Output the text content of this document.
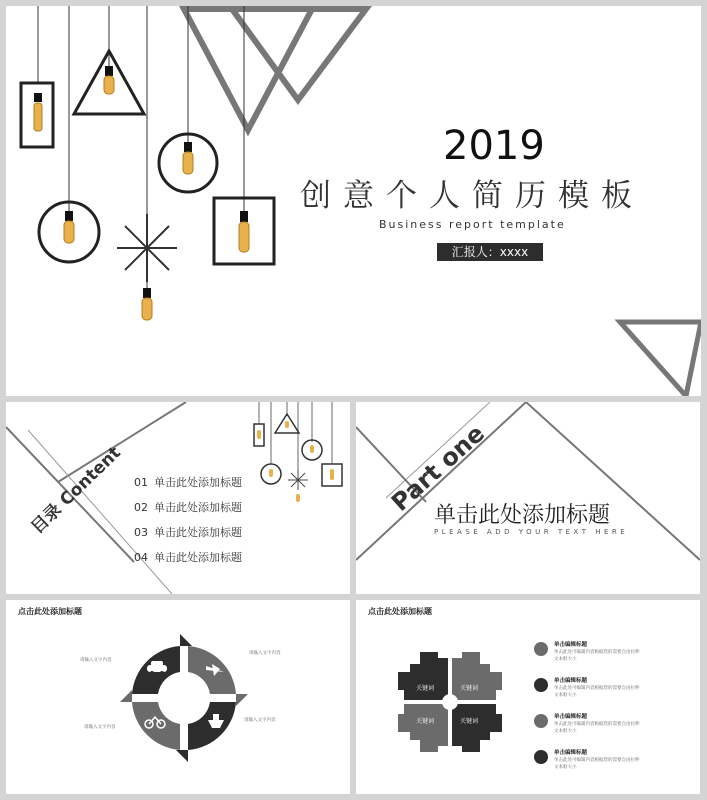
2019
创意个人简历模板
Business report template
汇报人：xxxx
目录 Content 01 单击此处添加标题
02 单击此处添加标题
03 单击此处添加标题
04 单击此处添加标题
Part one
单击此处添加标题
PLEASE ADD YOUR TEXT HERE
点击此处添加标题
请输入文字内容
请输入文字内容
请输入文字内容
请输入文字内容
点击此处添加标题
关键词	关键词
关键词	关键词
单击编辑标题
单击此处可编辑内容根据您的需要自由拉伸
文本框大小
单击编辑标题
单击此处可编辑内容根据您的需要自由拉伸
文本框大小
单击编辑标题
单击此处可编辑内容根据您的需要自由拉伸
文本框大小
单击编辑标题
单击此处可编辑内容根据您的需要自由拉伸
文本框大小
